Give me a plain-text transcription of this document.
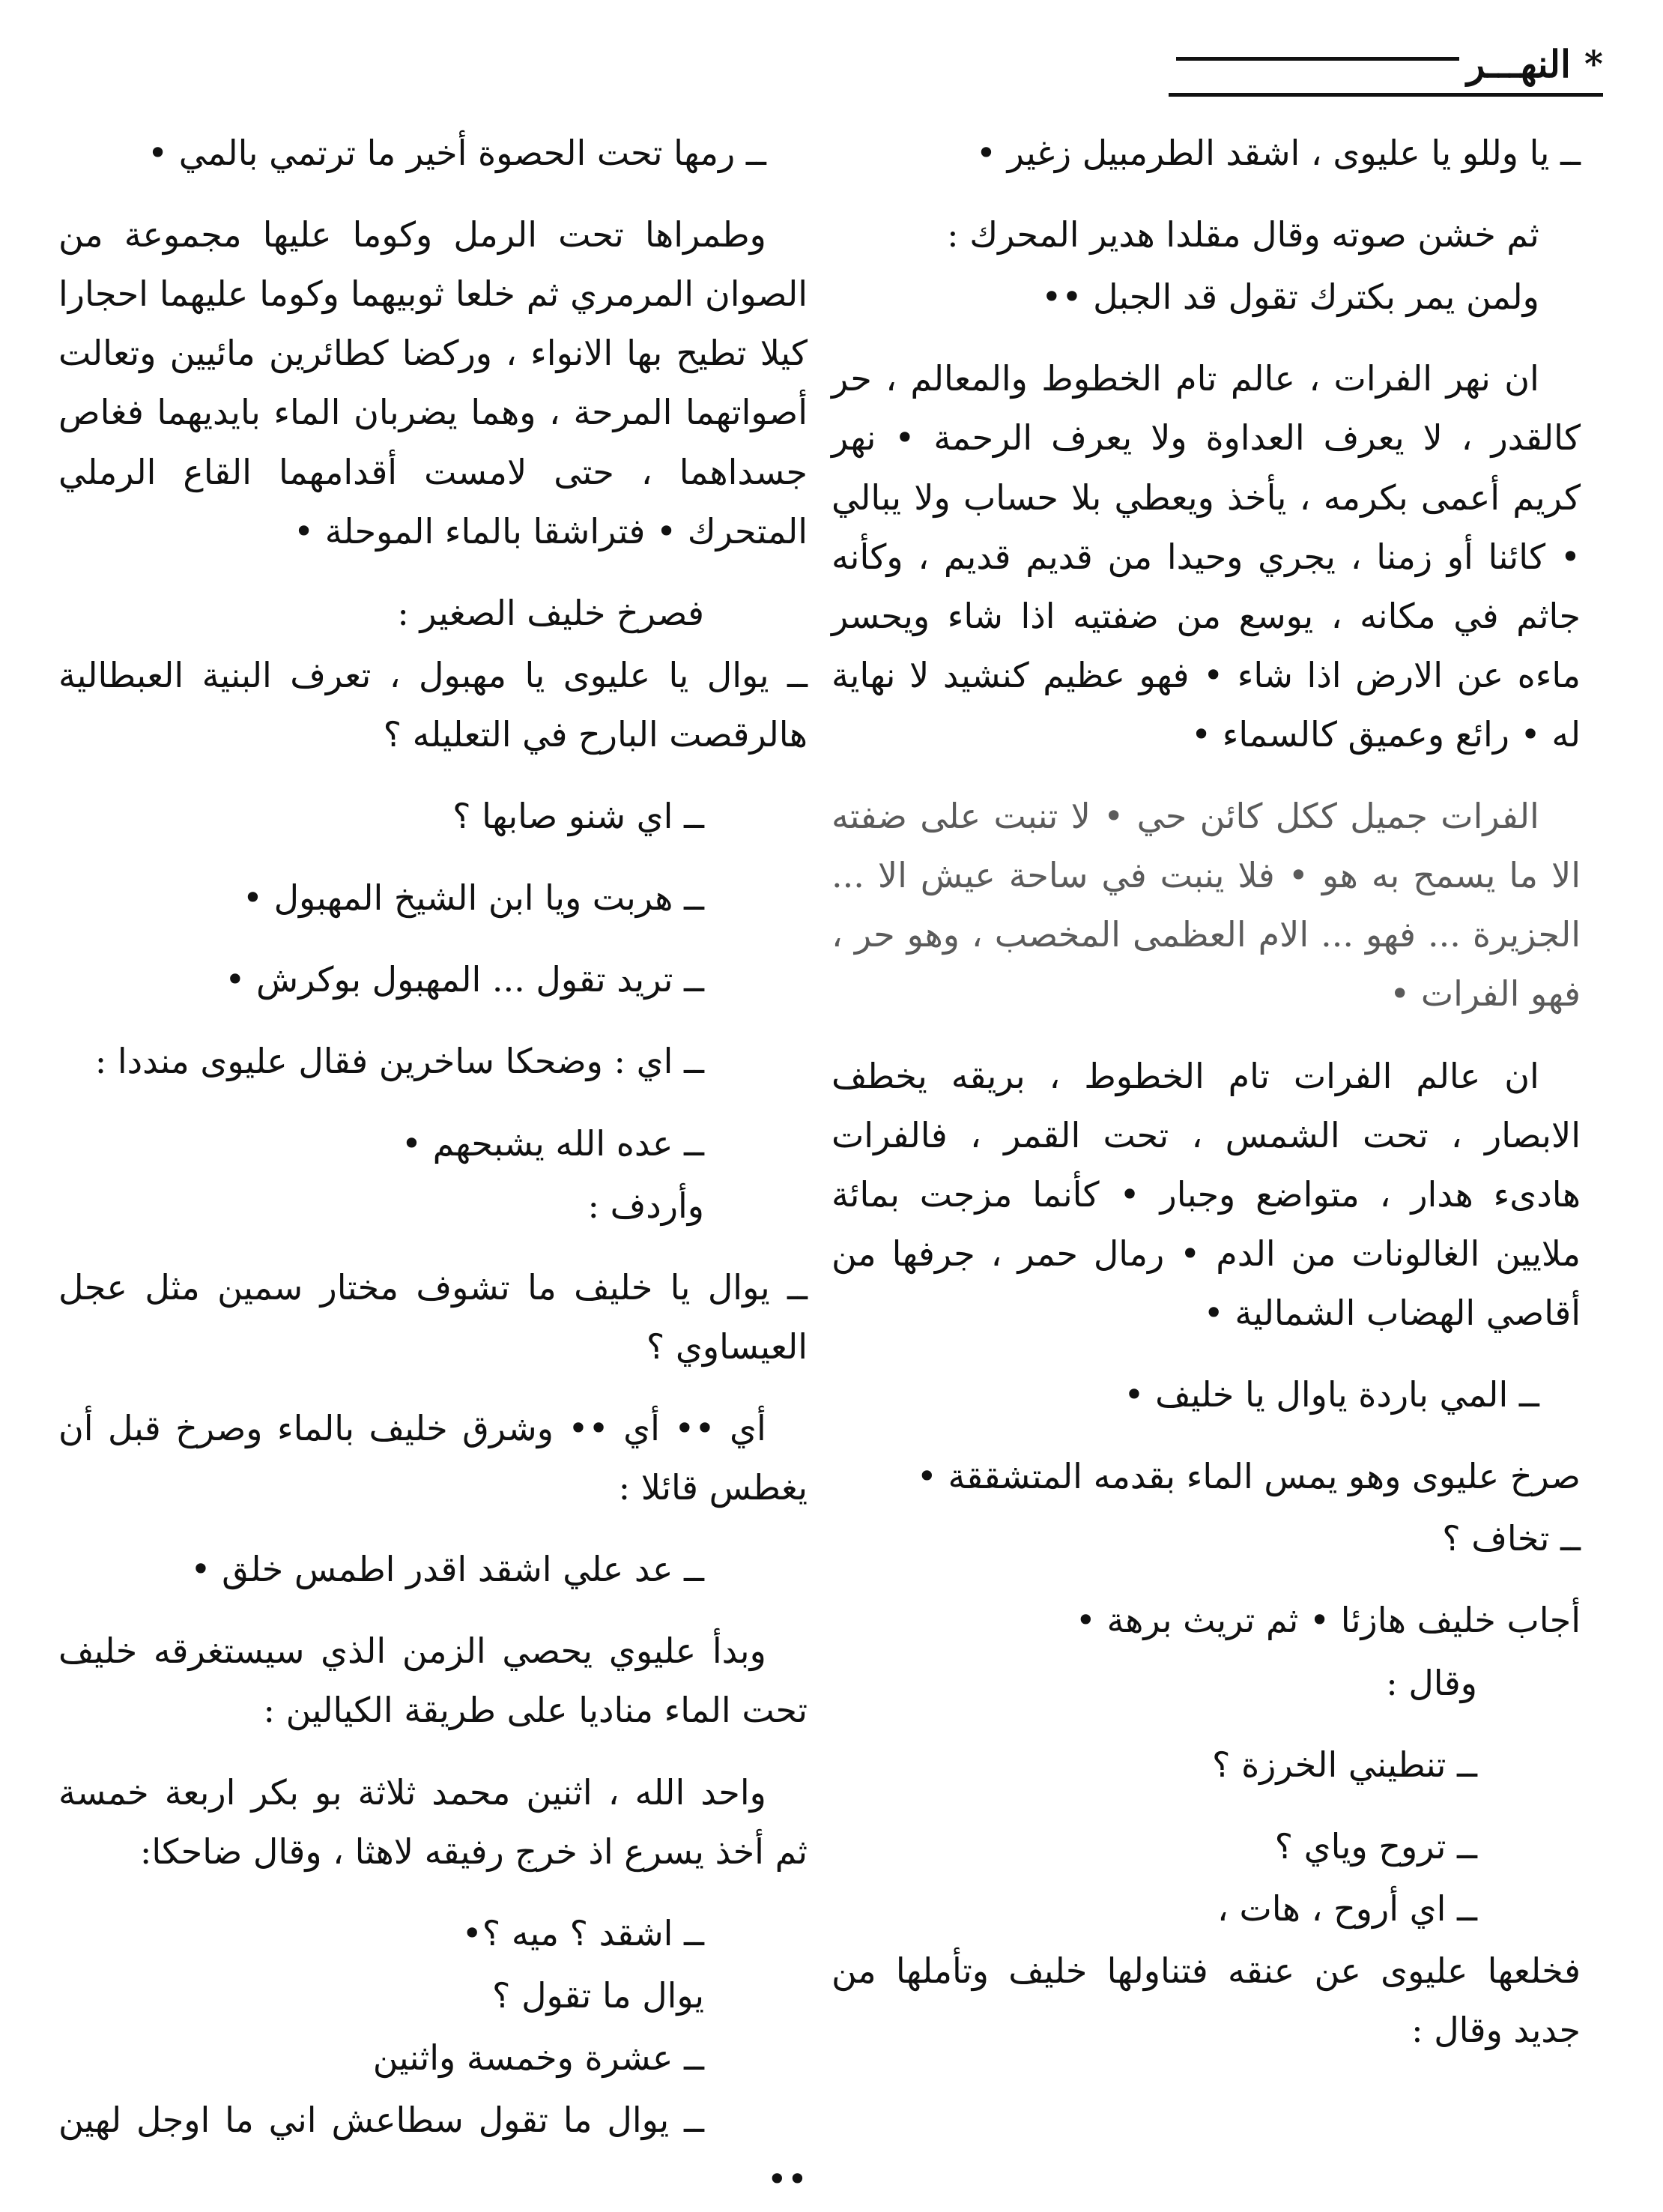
*
النهـــر

ــ يا وللو يا عليوى ، اشقد الطرمبيل زغير •

ثم خشن صوته وقال مقلدا هدير المحرك :

ولمن يمر بكترك تقول قد الجبل ••

ان نهر الفرات ، عالم تام الخطوط والمعالم ، حر كالقدر ، لا يعرف العداوة ولا يعرف الرحمة • نهر كريم أعمى بكرمه ، يأخذ ويعطي بلا حساب ولا يبالي • كائنا أو زمنا ، يجري وحيدا من قديم قديم ، وكأنه جاثم في مكانه ، يوسع من ضفتيه اذا شاء ويحسر ماءه عن الارض اذا شاء • فهو عظيم كنشيد لا نهاية له • رائع وعميق كالسماء •

الفرات جميل ككل كائن حي • لا تنبت على ضفته الا ما يسمح به هو • فلا ينبت في ساحة عيش الا ... الجزيرة ... فهو ... الام العظمى المخصب ، وهو حر ، فهو الفرات •

ان عالم الفرات تام الخطوط ، بريقه يخطف الابصار ، تحت الشمس ، تحت القمر ، فالفرات هادىء هدار ، متواضع وجبار • كأنما مزجت بمائة ملايين الغالونات من الدم • رمال حمر ، جرفها من أقاصي الهضاب الشمالية •

ــ المي باردة ياوال يا خليف •

صرخ عليوى وهو يمس الماء بقدمه المتشققة •

ــ تخاف ؟

أجاب خليف هازئا • ثم تريث برهة •

وقال :

ــ تنطيني الخرزة ؟

ــ تروح وياي ؟

ــ اي أروح ، هات ،

فخلعها عليوى عن عنقه فتناولها خليف وتأملها من جديد وقال :

ــ رمها تحت الحصوة أخير ما ترتمي بالمي •

وطمراها تحت الرمل وكوما عليها مجموعة من الصوان المرمري ثم خلعا ثوبيهما وكوما عليهما احجارا كيلا تطيح بها الانواء ، وركضا كطائرين مائيين وتعالت أصواتهما المرحة ، وهما يضربان الماء بايديهما فغاص جسداهما ، حتى لامست أقدامهما القاع الرملي المتحرك • فتراشقا بالماء الموحلة •

فصرخ خليف الصغير :

ــ يوال يا عليوى يا مهبول ، تعرف البنية العبطالية هالرقصت البارح في التعليله ؟

ــ اي شنو صابها ؟

ــ هربت ويا ابن الشيخ المهبول •

ــ تريد تقول ... المهبول بوكرش •

ــ اي : وضحكا ساخرين فقال عليوى منددا :

ــ عده الله يشبحهم •

وأردف :

ــ يوال يا خليف ما تشوف مختار سمين مثل عجل العيساوي ؟

أي •• أي •• وشرق خليف بالماء وصرخ قبل أن يغطس قائلا :

ــ عد علي اشقد اقدر اطمس خلق •

وبدأ عليوي يحصي الزمن الذي سيستغرقه خليف تحت الماء مناديا على طريقة الكيالين :

واحد الله ، اثنين محمد ثلاثة بو بكر اربعة خمسة ثم أخذ يسرع اذ خرج رفيقه لاهثا ، وقال ضاحكا:

ــ اشقد ؟ ميه ؟•

يوال ما تقول ؟

ــ عشرة وخمسة واثنين

ــ يوال ما تقول سطاعش اني ما اوجل لهين ••
